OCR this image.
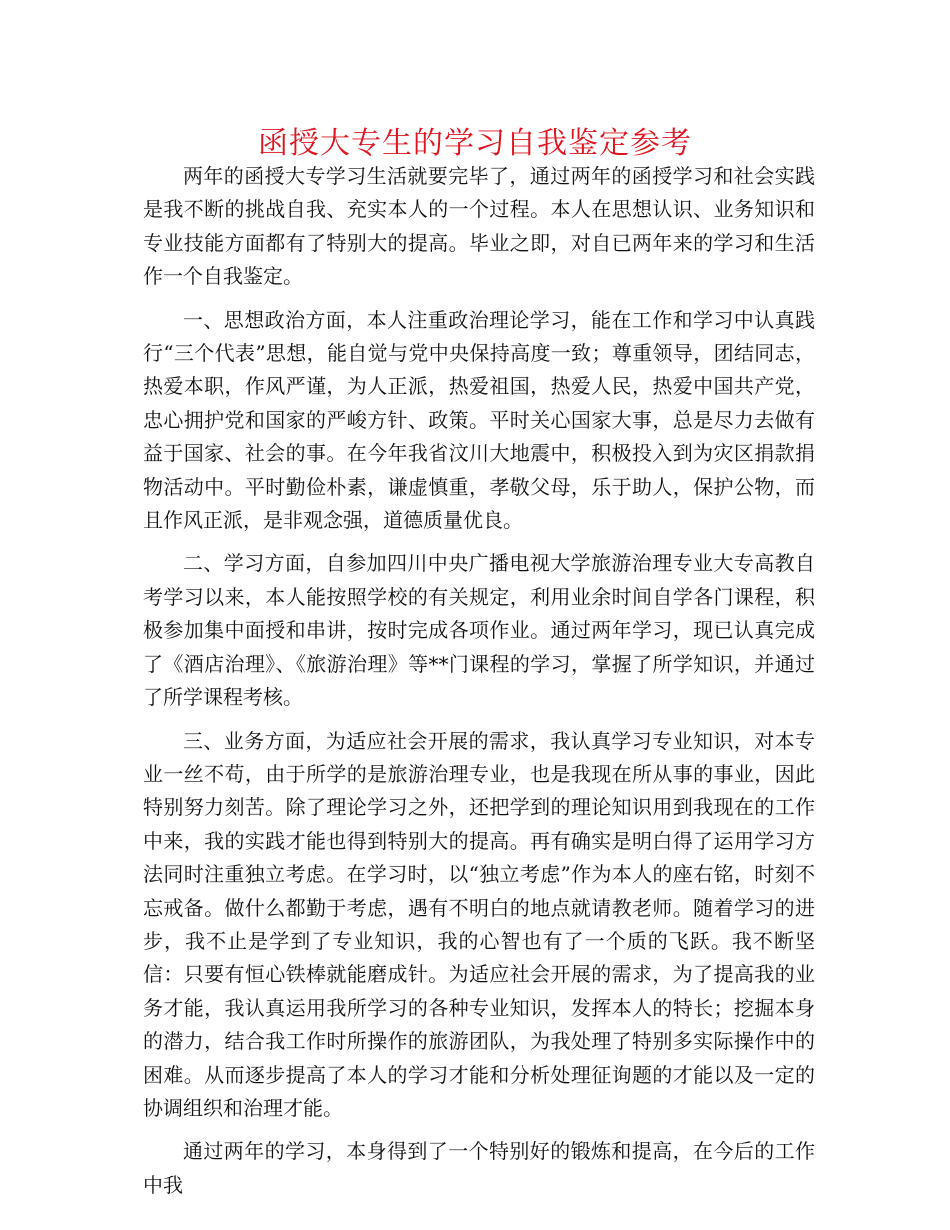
函授大专生的学习自我鉴定参考

两年的函授大专学习生活就要完毕了，通过两年的函授学习和社会实践是我不断的挑战自我、充实本人的一个过程。本人在思想认识、业务知识和专业技能方面都有了特别大的提高。毕业之即，对自已两年来的学习和生活作一个自我鉴定。

一、思想政治方面，本人注重政治理论学习，能在工作和学习中认真践行“三个代表”思想，能自觉与党中央保持高度一致；尊重领导，团结同志，热爱本职，作风严谨，为人正派，热爱祖国，热爱人民，热爱中国共产党，忠心拥护党和国家的严峻方针、政策。平时关心国家大事，总是尽力去做有益于国家、社会的事。在今年我省汶川大地震中，积极投入到为灾区捐款捐物活动中。平时勤俭朴素，谦虚慎重，孝敬父母，乐于助人，保护公物，而且作风正派，是非观念强，道德质量优良。

二、学习方面，自参加四川中央广播电视大学旅游治理专业大专高教自考学习以来，本人能按照学校的有关规定，利用业余时间自学各门课程，积极参加集中面授和串讲，按时完成各项作业。通过两年学习，现已认真完成了《酒店治理》、《旅游治理》等**门课程的学习，掌握了所学知识，并通过了所学课程考核。

三、业务方面，为适应社会开展的需求，我认真学习专业知识，对本专业一丝不苟，由于所学的是旅游治理专业，也是我现在所从事的事业，因此特别努力刻苦。除了理论学习之外，还把学到的理论知识用到我现在的工作中来，我的实践才能也得到特别大的提高。再有确实是明白得了运用学习方法同时注重独立考虑。在学习时，以“独立考虑”作为本人的座右铭，时刻不忘戒备。做什么都勤于考虑，遇有不明白的地点就请教老师。随着学习的进步，我不止是学到了专业知识，我的心智也有了一个质的飞跃。我不断坚信：只要有恒心铁棒就能磨成针。为适应社会开展的需求，为了提高我的业务才能，我认真运用我所学习的各种专业知识，发挥本人的特长；挖掘本身的潜力，结合我工作时所操作的旅游团队，为我处理了特别多实际操作中的困难。从而逐步提高了本人的学习才能和分析处理征询题的才能以及一定的协调组织和治理才能。

通过两年的学习，本身得到了一个特别好的锻炼和提高，在今后的工作中我
